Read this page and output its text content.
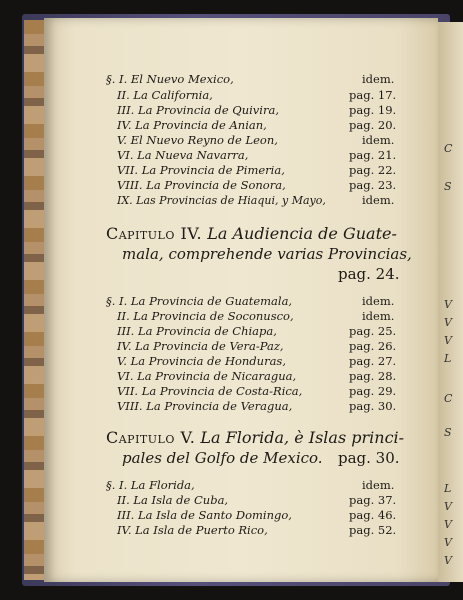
C
S
V
V
V
L
C
S
L
V
V
V
V
§. I. El Nuevo Mexico,	idem.
II. La California,	pag. 17.
III. La Provincia de Quivira,	pag. 19.
IV. La Provincia de Anian,	pag. 20.
V. El Nuevo Reyno de Leon,	idem.
VI. La Nueva Navarra,	pag. 21.
VII. La Provincia de Pimeria,	pag. 22.
VIII. La Provincia de Sonora,	pag. 23.
IX. Las Provincias de Hiaqui, y Mayo,	idem.
Capitulo IV. La Audiencia de Guate-
mala, comprehende varias Provincias,
pag. 24.
§. I. La Provincia de Guatemala,	idem.
II. La Provincia de Soconusco,	idem.
III. La Provincia de Chiapa,	pag. 25.
IV. La Provincia de Vera-Paz,	pag. 26.
V. La Provincia de Honduras,	pag. 27.
VI. La Provincia de Nicaragua,	pag. 28.
VII. La Provincia de Costa-Rica,	pag. 29.
VIII. La Provincia de Veragua,	pag. 30.
Capitulo V. La Florida, è Islas princi-
pales del Golfo de Mexico. pag. 30.
§. I. La Florida,	idem.
II. La Isla de Cuba,	pag. 37.
III. La Isla de Santo Domingo,	pag. 46.
IV. La Isla de Puerto Rico,	pag. 52.
